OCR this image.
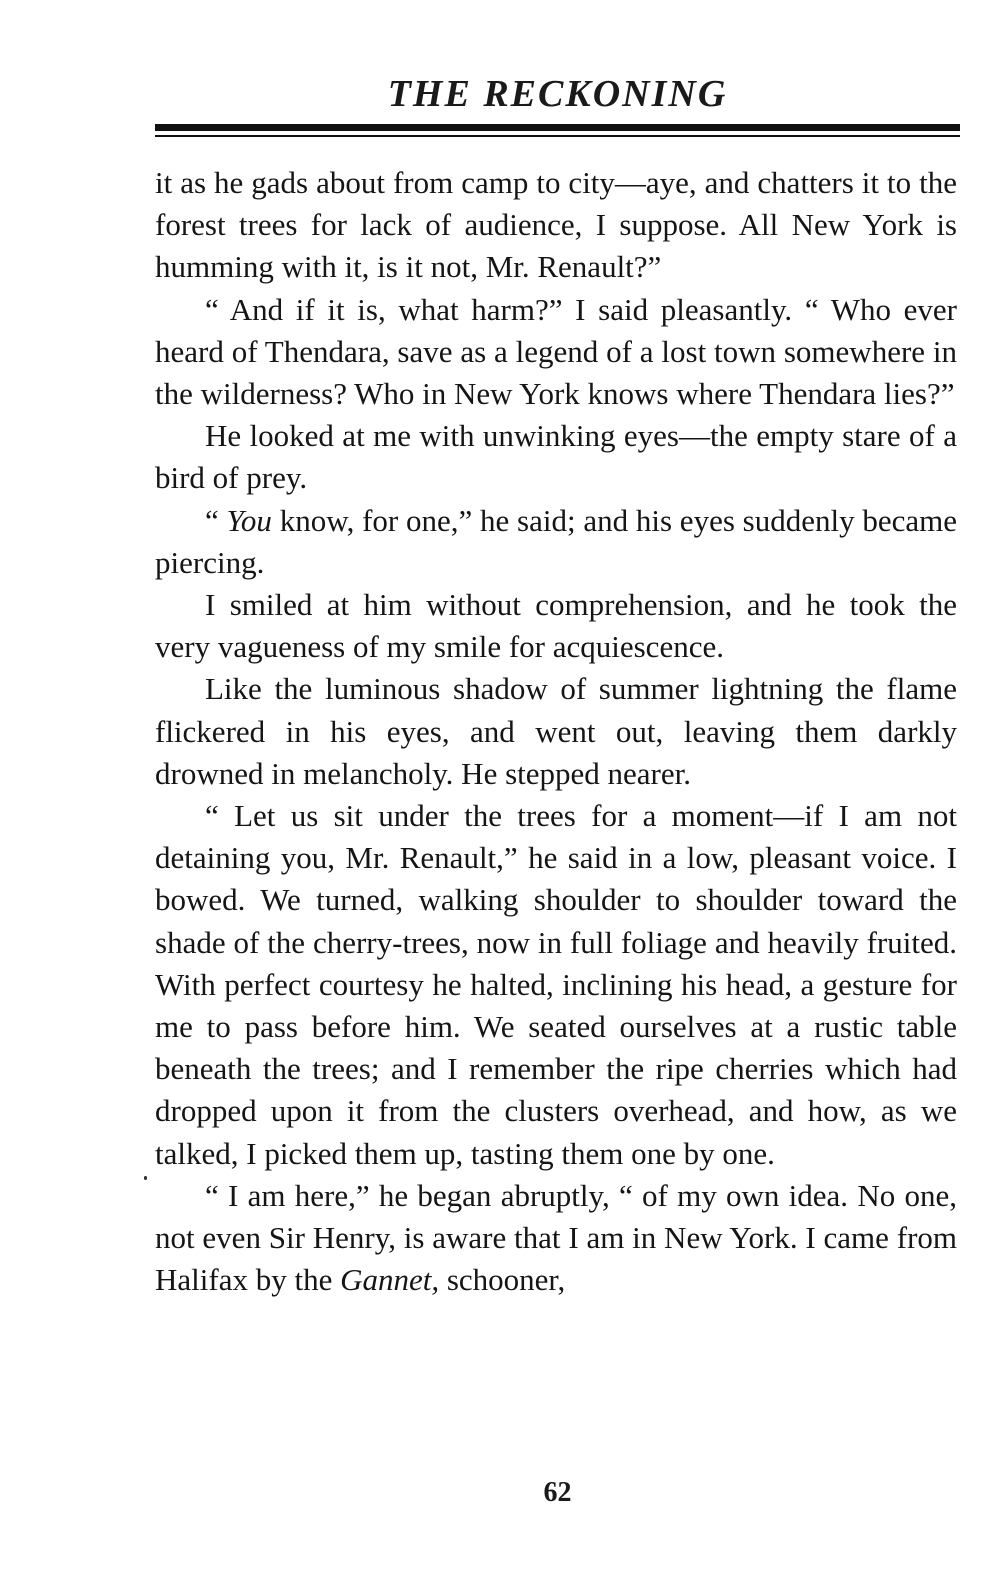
THE RECKONING

it as he gads about from camp to city—aye, and chatters it to the forest trees for lack of audience, I suppose. All New York is humming with it, is it not, Mr. Renault?”

“ And if it is, what harm?” I said pleasantly. “ Who ever heard of Thendara, save as a legend of a lost town somewhere in the wilderness? Who in New York knows where Thendara lies?”

He looked at me with unwinking eyes—the empty stare of a bird of prey.

“ You know, for one,” he said; and his eyes suddenly became piercing.

I smiled at him without comprehension, and he took the very vagueness of my smile for acquiescence.

Like the luminous shadow of summer lightning the flame flickered in his eyes, and went out, leaving them darkly drowned in melancholy. He stepped nearer.

“ Let us sit under the trees for a moment—if I am not detaining you, Mr. Renault,” he said in a low, pleasant voice. I bowed. We turned, walking shoulder to shoulder toward the shade of the cherry-trees, now in full foliage and heavily fruited. With perfect courtesy he halted, inclining his head, a gesture for me to pass before him. We seated ourselves at a rustic table beneath the trees; and I remember the ripe cherries which had dropped upon it from the clusters overhead, and how, as we talked, I picked them up, tasting them one by one.

“ I am here,” he began abruptly, “ of my own idea. No one, not even Sir Henry, is aware that I am in New York. I came from Halifax by the Gannet, schooner,

62
